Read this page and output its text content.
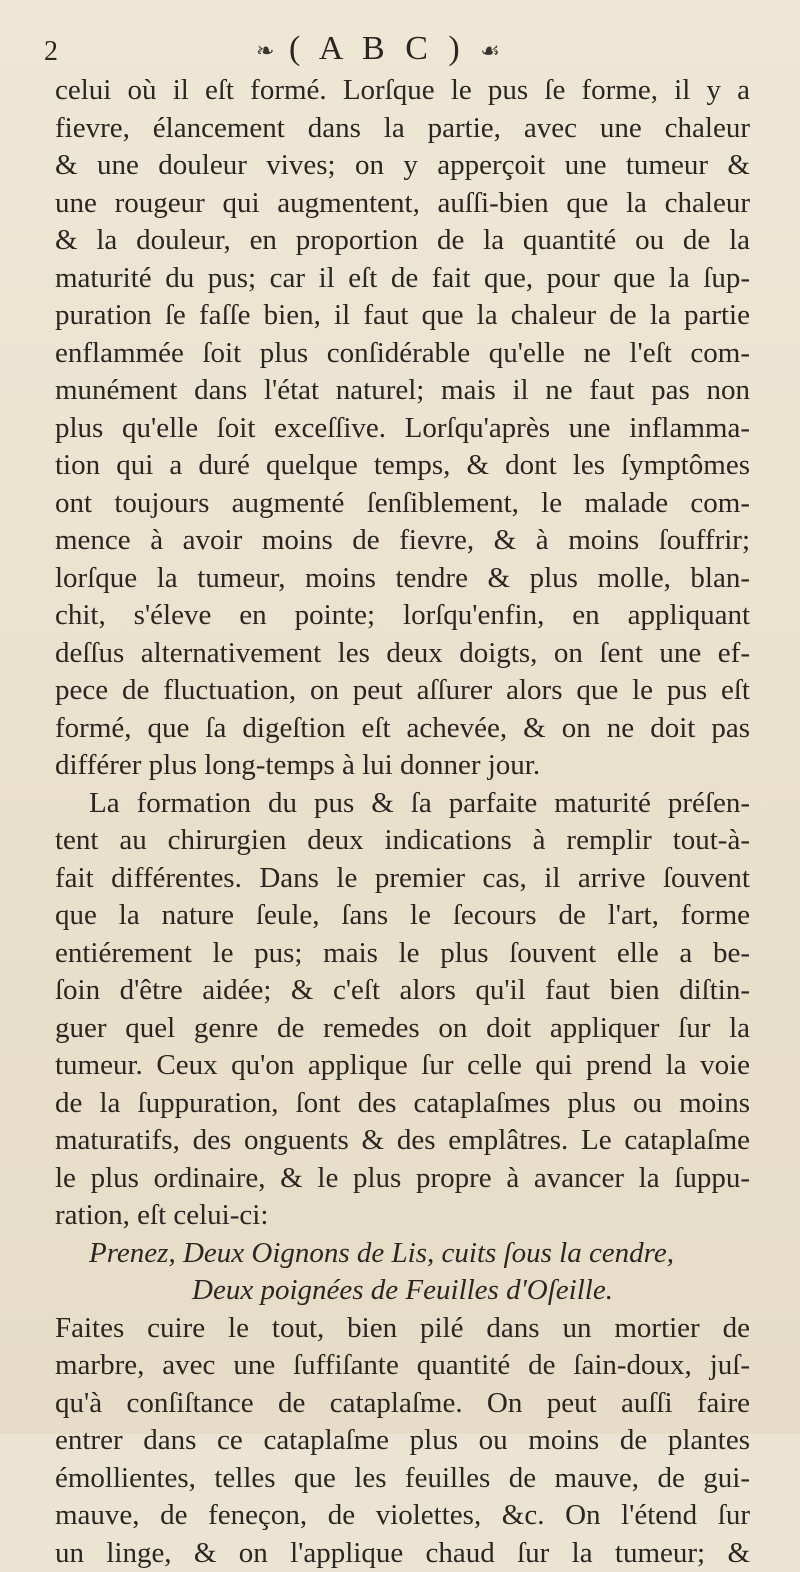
2	❧ ( A B C ) ☙
celui où il eſt formé. Lorſque le pus ſe forme, il y a
fievre, élancement dans la partie, avec une chaleur
& une douleur vives; on y apperçoit une tumeur &
une rougeur qui augmentent, auſſi-bien que la chaleur
& la douleur, en proportion de la quantité ou de la
maturité du pus; car il eſt de fait que, pour que la ſup-
puration ſe faſſe bien, il faut que la chaleur de la partie
enflammée ſoit plus conſidérable qu'elle ne l'eſt com-
munément dans l'état naturel; mais il ne faut pas non
plus qu'elle ſoit exceſſive. Lorſqu'après une inflamma-
tion qui a duré quelque temps, & dont les ſymptômes
ont toujours augmenté ſenſiblement, le malade com-
mence à avoir moins de fievre, & à moins ſouffrir;
lorſque la tumeur, moins tendre & plus molle, blan-
chit, s'éleve en pointe; lorſqu'enfin, en appliquant
deſſus alternativement les deux doigts, on ſent une ef-
pece de fluctuation, on peut aſſurer alors que le pus eſt
formé, que ſa digeſtion eſt achevée, & on ne doit pas
différer plus long-temps à lui donner jour.
La formation du pus & ſa parfaite maturité préſen-
tent au chirurgien deux indications à remplir tout-à-
fait différentes. Dans le premier cas, il arrive ſouvent
que la nature ſeule, ſans le ſecours de l'art, forme
entiérement le pus; mais le plus ſouvent elle a be-
ſoin d'être aidée; & c'eſt alors qu'il faut bien diſtin-
guer quel genre de remedes on doit appliquer ſur la
tumeur. Ceux qu'on applique ſur celle qui prend la voie
de la ſuppuration, ſont des cataplaſmes plus ou moins
maturatifs, des onguents & des emplâtres. Le cataplaſme
le plus ordinaire, & le plus propre à avancer la ſuppu-
ration, eſt celui-ci:
Prenez, Deux Oignons de Lis, cuits ſous la cendre,
Deux poignées de Feuilles d'Oſeille.
Faites cuire le tout, bien pilé dans un mortier de
marbre, avec une ſuffiſante quantité de ſain-doux, juſ-
qu'à conſiſtance de cataplaſme. On peut auſſi faire
entrer dans ce cataplaſme plus ou moins de plantes
émollientes, telles que les feuilles de mauve, de gui-
mauve, de feneçon, de violettes, &c. On l'étend ſur
un linge, & on l'applique chaud ſur la tumeur; &
